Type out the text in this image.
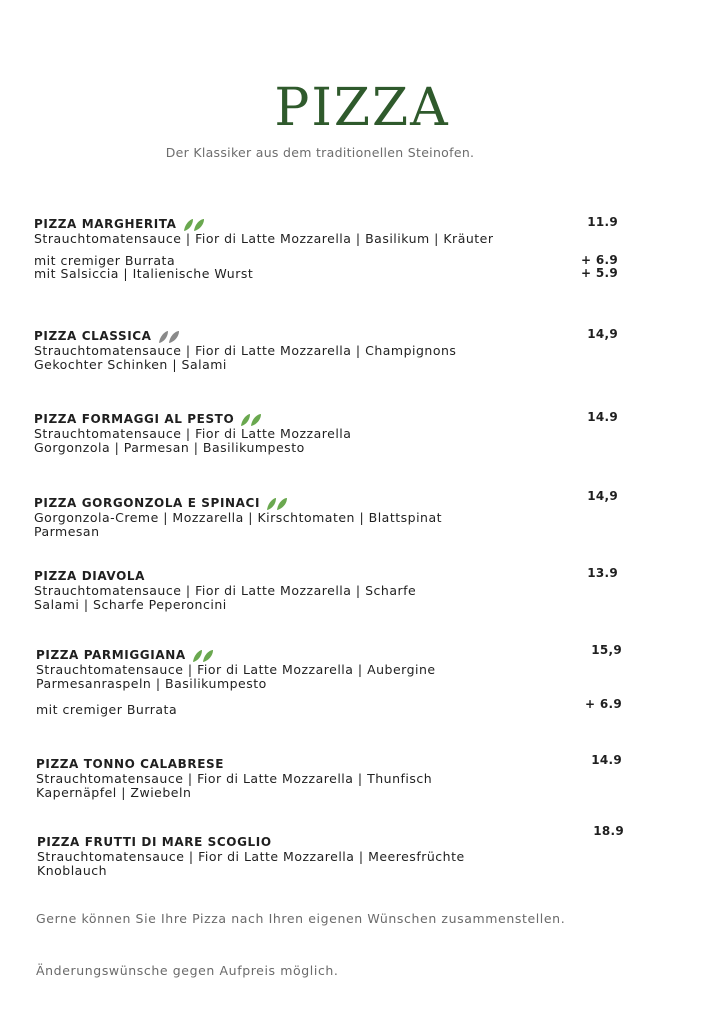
PIZZA
Der Klassiker aus dem traditionellen Steinofen.
PIZZA MARGHERITA
Strauchtomatensauce | Fior di Latte Mozzarella | Basilikum | Kräuter
11.9
mit cremiger Burrata	+ 6.9
mit Salsiccia | Italienische Wurst	+ 5.9
PIZZA CLASSICA
Strauchtomatensauce | Fior di Latte Mozzarella | Champignons
Gekochter Schinken | Salami
14,9
PIZZA FORMAGGI AL PESTO
Strauchtomatensauce | Fior di Latte Mozzarella
Gorgonzola | Parmesan | Basilikumpesto
14.9
PIZZA GORGONZOLA E SPINACI
Gorgonzola-Creme | Mozzarella | Kirschtomaten | Blattspinat
Parmesan
14,9
PIZZA DIAVOLA
Strauchtomatensauce | Fior di Latte Mozzarella | Scharfe
Salami | Scharfe Peperoncini
13.9
PIZZA PARMIGGIANA
Strauchtomatensauce | Fior di Latte Mozzarella | Aubergine
Parmesanraspeln | Basilikumpesto
15,9
mit cremiger Burrata	+ 6.9
PIZZA TONNO CALABRESE
Strauchtomatensauce | Fior di Latte Mozzarella | Thunfisch
Kapernäpfel | Zwiebeln
14.9
PIZZA FRUTTI DI MARE SCOGLIO
Strauchtomatensauce | Fior di Latte Mozzarella | Meeresfrüchte
Knoblauch
18.9
Gerne können Sie Ihre Pizza nach Ihren eigenen Wünschen zusammenstellen.
Änderungswünsche gegen Aufpreis möglich.
